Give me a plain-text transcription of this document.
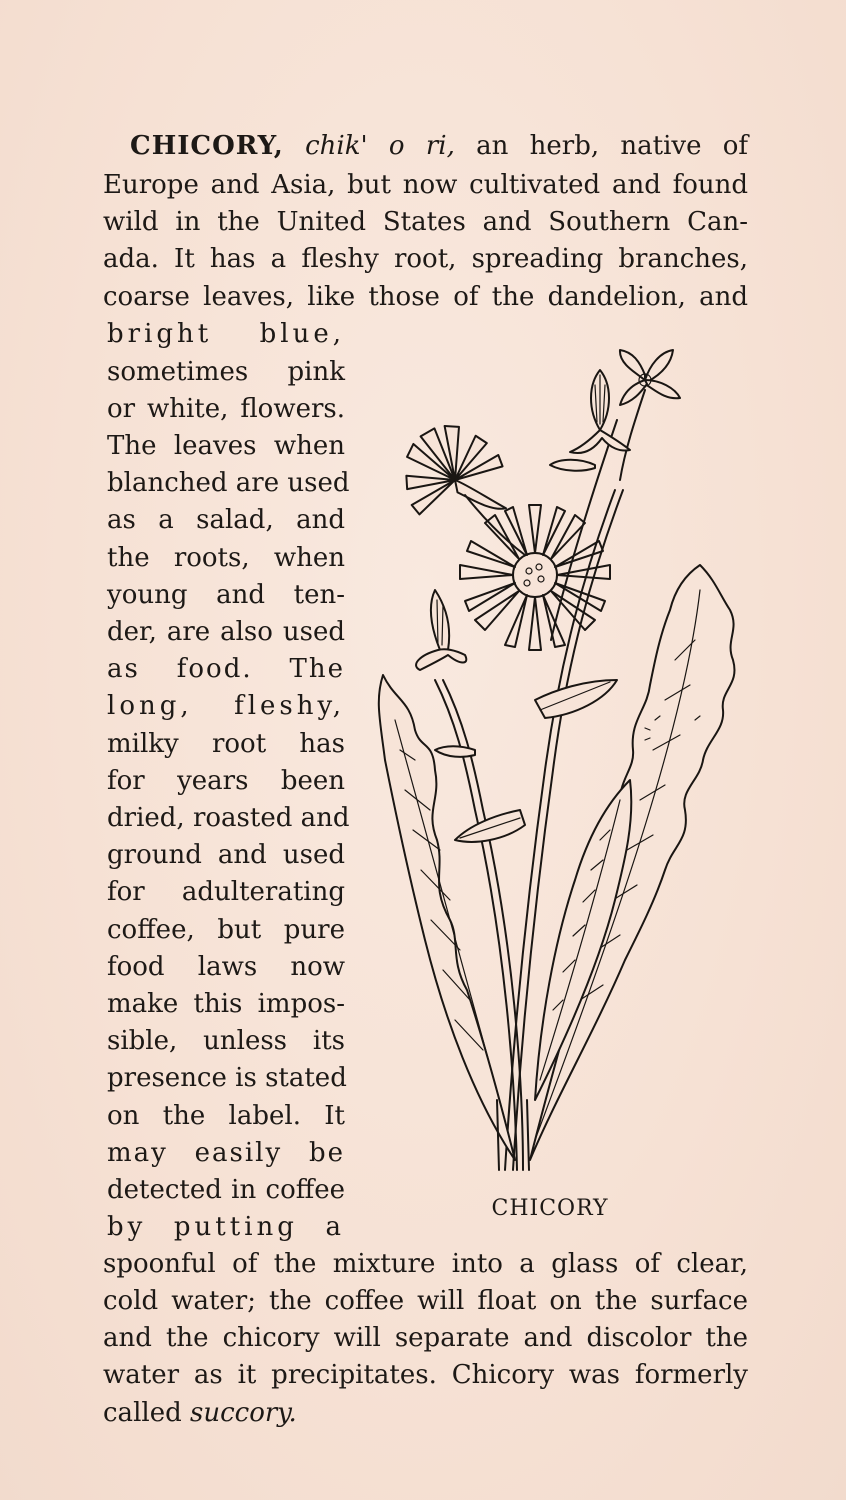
CHICORY, chik' o ri, an herb, native of
Europe and Asia, but now cultivated and found
wild in the United States and Southern Can-
ada. It has a fleshy root, spreading branches,
coarse leaves, like those of the dandelion, and
bright blue,
sometimes pink
or white, flowers.
The leaves when
blanched are used
as a salad, and
the roots, when
young and ten-
der, are also used
as food. The
long, fleshy,
milky root has
for years been
dried, roasted and
ground and used
for adulterating
coffee, but pure
food laws now
make this impos-
sible, unless its
presence is stated
on the label. It
may easily be
detected in coffee
by putting a
spoonful of the mixture into a glass of clear,
cold water; the coffee will float on the surface
and the chicory will separate and discolor the
water as it precipitates. Chicory was formerly
called succory.
CHICORY
